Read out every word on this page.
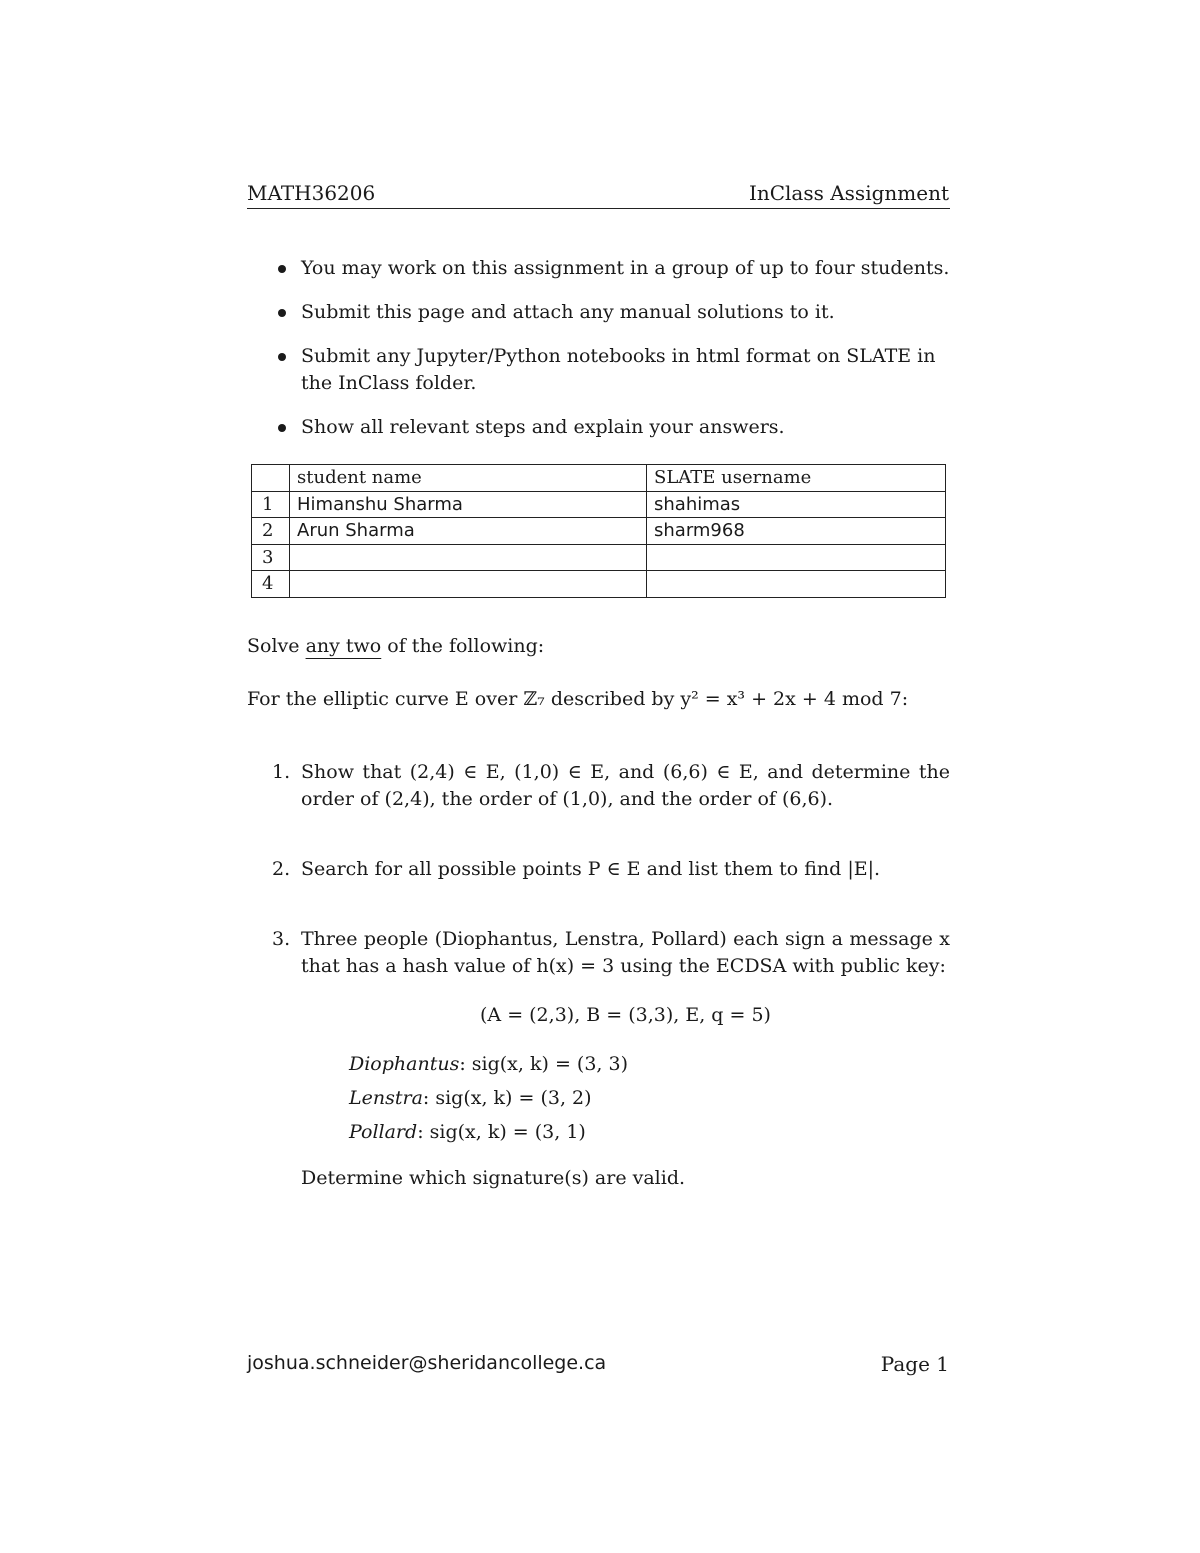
MATH36206	InClass Assignment
You may work on this assignment in a group of up to four students.
Submit this page and attach any manual solutions to it.
Submit any Jupyter/Python notebooks in html format on SLATE in the InClass folder.
Show all relevant steps and explain your answers.
	student name	SLATE username
1	Himanshu Sharma	shahimas
2	Arun Sharma	sharm968
3		
4		
Solve any two of the following:
For the elliptic curve E over ℤ₇ described by y² = x³ + 2x + 4 mod 7:
1. Show that (2,4) ∈ E, (1,0) ∈ E, and (6,6) ∈ E, and determine the order of (2,4), the order of (1,0), and the order of (6,6).
2. Search for all possible points P ∈ E and list them to find |E|.
3. Three people (Diophantus, Lenstra, Pollard) each sign a message x that has a hash value of h(x) = 3 using the ECDSA with public key:
(A = (2,3), B = (3,3), E, q = 5)
Diophantus: sig(x, k) = (3, 3)
Lenstra: sig(x, k) = (3, 2)
Pollard: sig(x, k) = (3, 1)
Determine which signature(s) are valid.
joshua.schneider@sheridancollege.ca	Page 1
